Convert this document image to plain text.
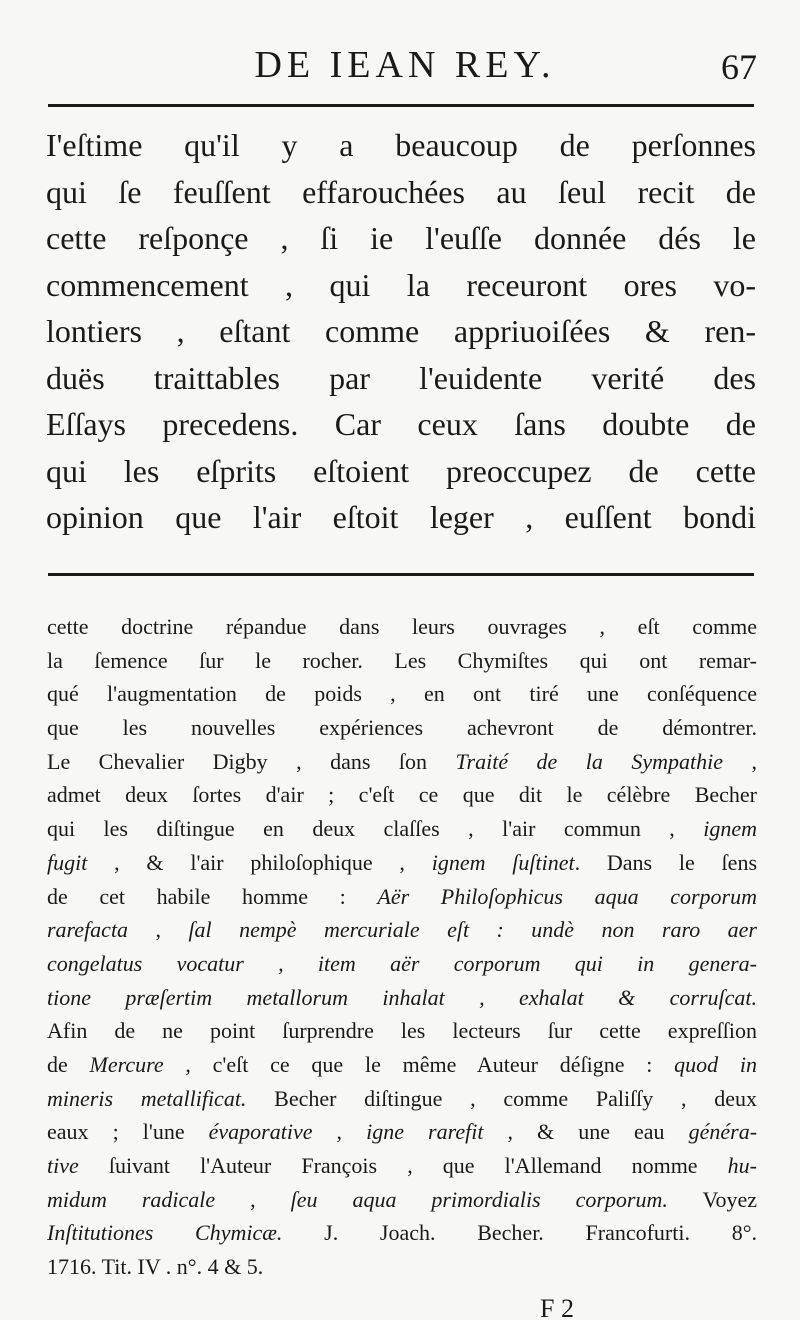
DE IEAN REY.	67
I'eſtime qu'il y a beaucoup de perſonnes
qui ſe feuſſent effarouchées au ſeul recit de
cette reſponçe , ſi ie l'euſſe donnée dés le
commencement , qui la receuront ores vo-
lontiers , eſtant comme appriuoiſées & ren-
duës traittables par l'euidente verité des
Eſſays precedens. Car ceux ſans doubte de
qui les eſprits eſtoient preoccupez de cette
opinion que l'air eſtoit leger , euſſent bondi
cette doctrine répandue dans leurs ouvrages , eſt comme
la ſemence ſur le rocher. Les Chymiſtes qui ont remar-
qué l'augmentation de poids , en ont tiré une conſéquence
que les nouvelles expériences achevront de démontrer.
Le Chevalier Digby , dans ſon Traité de la Sympathie ,
admet deux ſortes d'air ; c'eſt ce que dit le célèbre Becher
qui les diſtingue en deux claſſes , l'air commun , ignem
fugit , & l'air philoſophique , ignem ſuſtinet. Dans le ſens
de cet habile homme : Aër Philoſophicus aqua corporum
rarefacta , ſal nempè mercuriale eſt : undè non raro aer
congelatus vocatur , item aër corporum qui in genera-
tione præſertim metallorum inhalat , exhalat & corruſcat.
Afin de ne point ſurprendre les lecteurs ſur cette expreſſion
de Mercure , c'eſt ce que le même Auteur déſigne : quod in
mineris metallificat. Becher diſtingue , comme Paliſſy , deux
eaux ; l'une évaporative , igne rarefit , & une eau généra-
tive ſuivant l'Auteur François , que l'Allemand nomme hu-
midum radicale , ſeu aqua primordialis corporum. Voyez
Inſtitutiones Chymicæ. J. Joach. Becher. Francofurti. 8°.
1716. Tit. IV . n°. 4 & 5.
F 2
